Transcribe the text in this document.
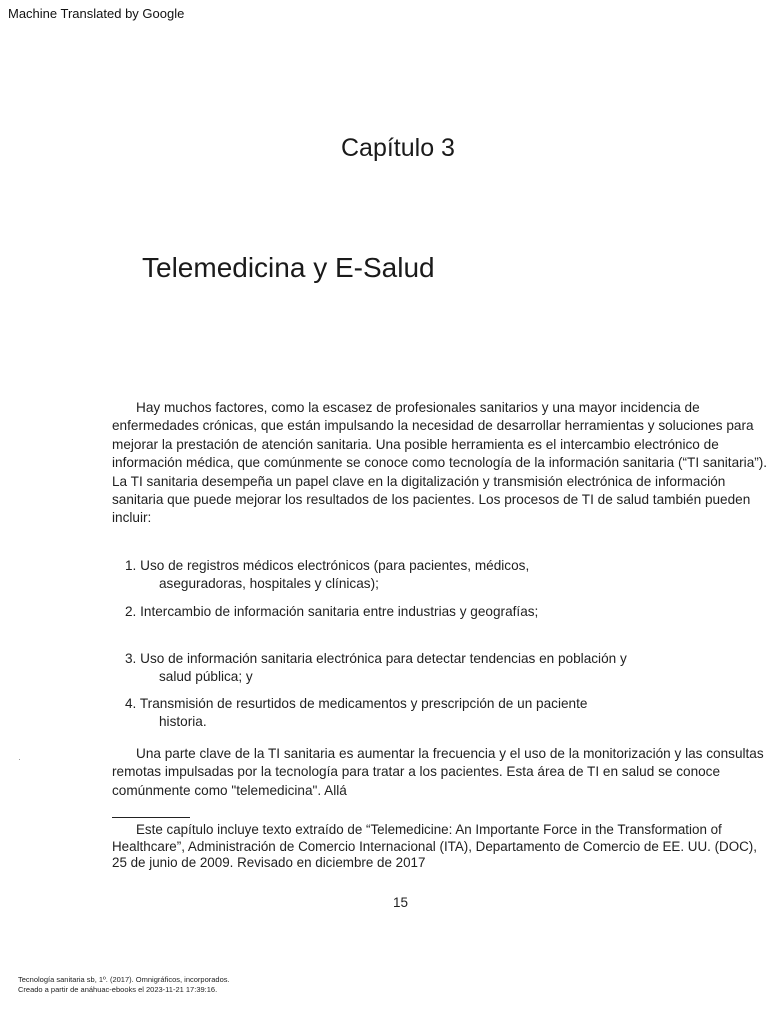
Machine Translated by Google
Capítulo 3
Telemedicina y E-Salud
Hay muchos factores, como la escasez de profesionales sanitarios y una mayor incidencia de enfermedades crónicas, que están impulsando la necesidad de desarrollar herramientas y soluciones para mejorar la prestación de atención sanitaria. Una posible herramienta es el intercambio electrónico de información médica, que comúnmente se conoce como tecnología de la información sanitaria (“TI sanitaria”). La TI sanitaria desempeña un papel clave en la digitalización y transmisión electrónica de información sanitaria que puede mejorar los resultados de los pacientes. Los procesos de TI de salud también pueden incluir:
1. Uso de registros médicos electrónicos (para pacientes, médicos,
aseguradoras, hospitales y clínicas);
2. Intercambio de información sanitaria entre industrias y geografías;
3. Uso de información sanitaria electrónica para detectar tendencias en población y
salud pública; y
4. Transmisión de resurtidos de medicamentos y prescripción de un paciente
historia.
Una parte clave de la TI sanitaria es aumentar la frecuencia y el uso de la monitorización y las consultas remotas impulsadas por la tecnología para tratar a los pacientes. Esta área de TI en salud se conoce comúnmente como "telemedicina". Allá
Este capítulo incluye texto extraído de “Telemedicine: An Importante Force in the Transformation of Healthcare”, Administración de Comercio Internacional (ITA), Departamento de Comercio de EE. UU. (DOC), 25 de junio de 2009. Revisado en diciembre de 2017
15
Tecnología sanitaria sb, 1º. (2017). Omnigráficos, incorporados.
Creado a partir de anáhuac-ebooks el 2023-11-21 17:39:16.
